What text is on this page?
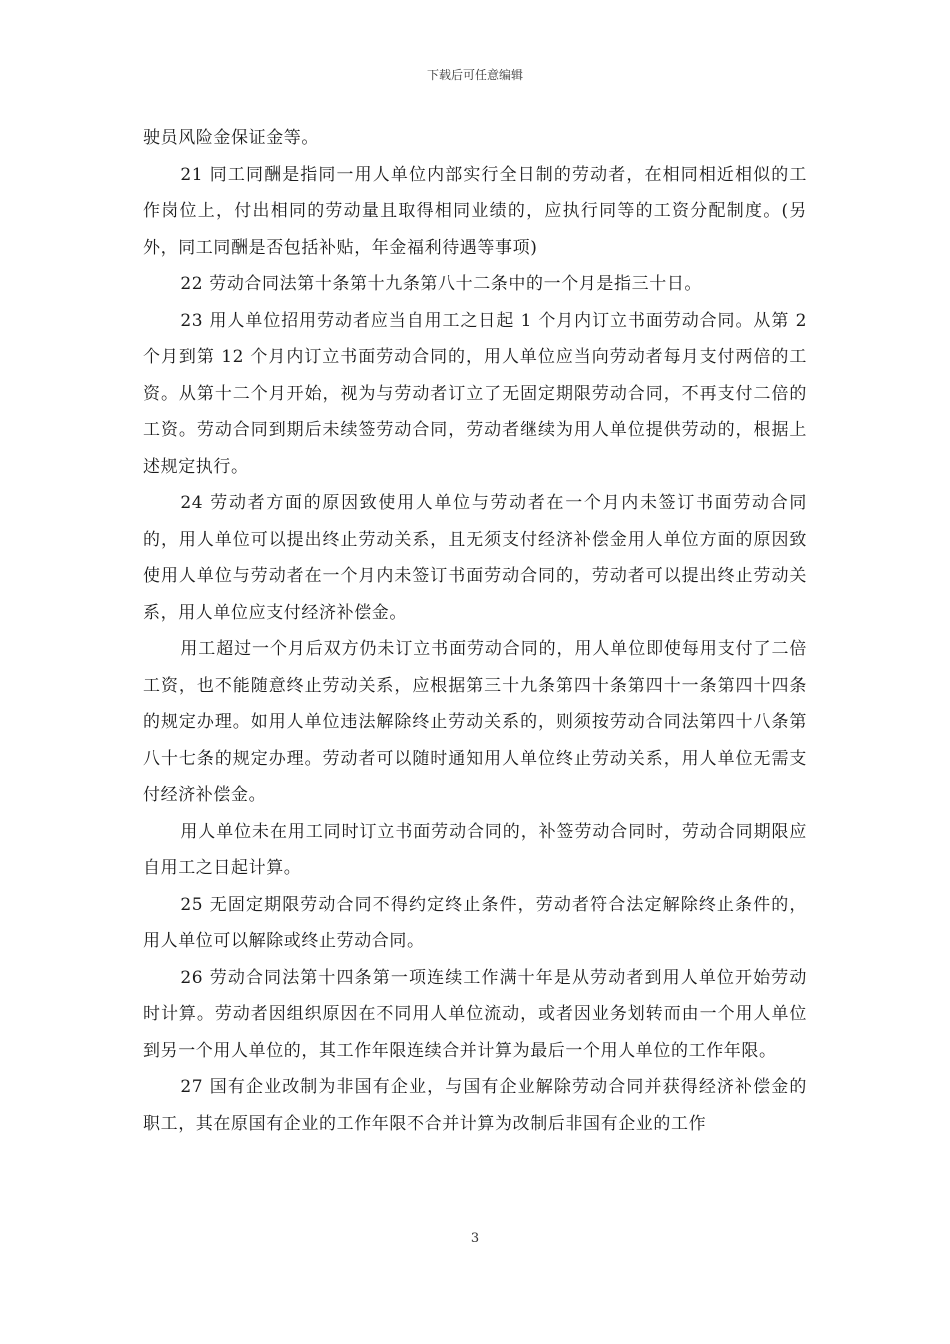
下载后可任意编辑

驶员风险金保证金等。

21 同工同酬是指同一用人单位内部实行全日制的劳动者，在相同相近相似的工作岗位上，付出相同的劳动量且取得相同业绩的，应执行同等的工资分配制度。(另外，同工同酬是否包括补贴，年金福利待遇等事项)

22 劳动合同法第十条第十九条第八十二条中的一个月是指三十日。

23 用人单位招用劳动者应当自用工之日起 1 个月内订立书面劳动合同。从第 2 个月到第 12 个月内订立书面劳动合同的，用人单位应当向劳动者每月支付两倍的工资。从第十二个月开始，视为与劳动者订立了无固定期限劳动合同，不再支付二倍的工资。劳动合同到期后未续签劳动合同，劳动者继续为用人单位提供劳动的，根据上述规定执行。

24 劳动者方面的原因致使用人单位与劳动者在一个月内未签订书面劳动合同的，用人单位可以提出终止劳动关系，且无须支付经济补偿金用人单位方面的原因致使用人单位与劳动者在一个月内未签订书面劳动合同的，劳动者可以提出终止劳动关系，用人单位应支付经济补偿金。

用工超过一个月后双方仍未订立书面劳动合同的，用人单位即使每用支付了二倍工资，也不能随意终止劳动关系，应根据第三十九条第四十条第四十一条第四十四条的规定办理。如用人单位违法解除终止劳动关系的，则须按劳动合同法第四十八条第八十七条的规定办理。劳动者可以随时通知用人单位终止劳动关系，用人单位无需支付经济补偿金。

用人单位未在用工同时订立书面劳动合同的，补签劳动合同时，劳动合同期限应自用工之日起计算。

25 无固定期限劳动合同不得约定终止条件，劳动者符合法定解除终止条件的，用人单位可以解除或终止劳动合同。

26 劳动合同法第十四条第一项连续工作满十年是从劳动者到用人单位开始劳动时计算。劳动者因组织原因在不同用人单位流动，或者因业务划转而由一个用人单位到另一个用人单位的，其工作年限连续合并计算为最后一个用人单位的工作年限。

27 国有企业改制为非国有企业，与国有企业解除劳动合同并获得经济补偿金的职工，其在原国有企业的工作年限不合并计算为改制后非国有企业的工作

3
